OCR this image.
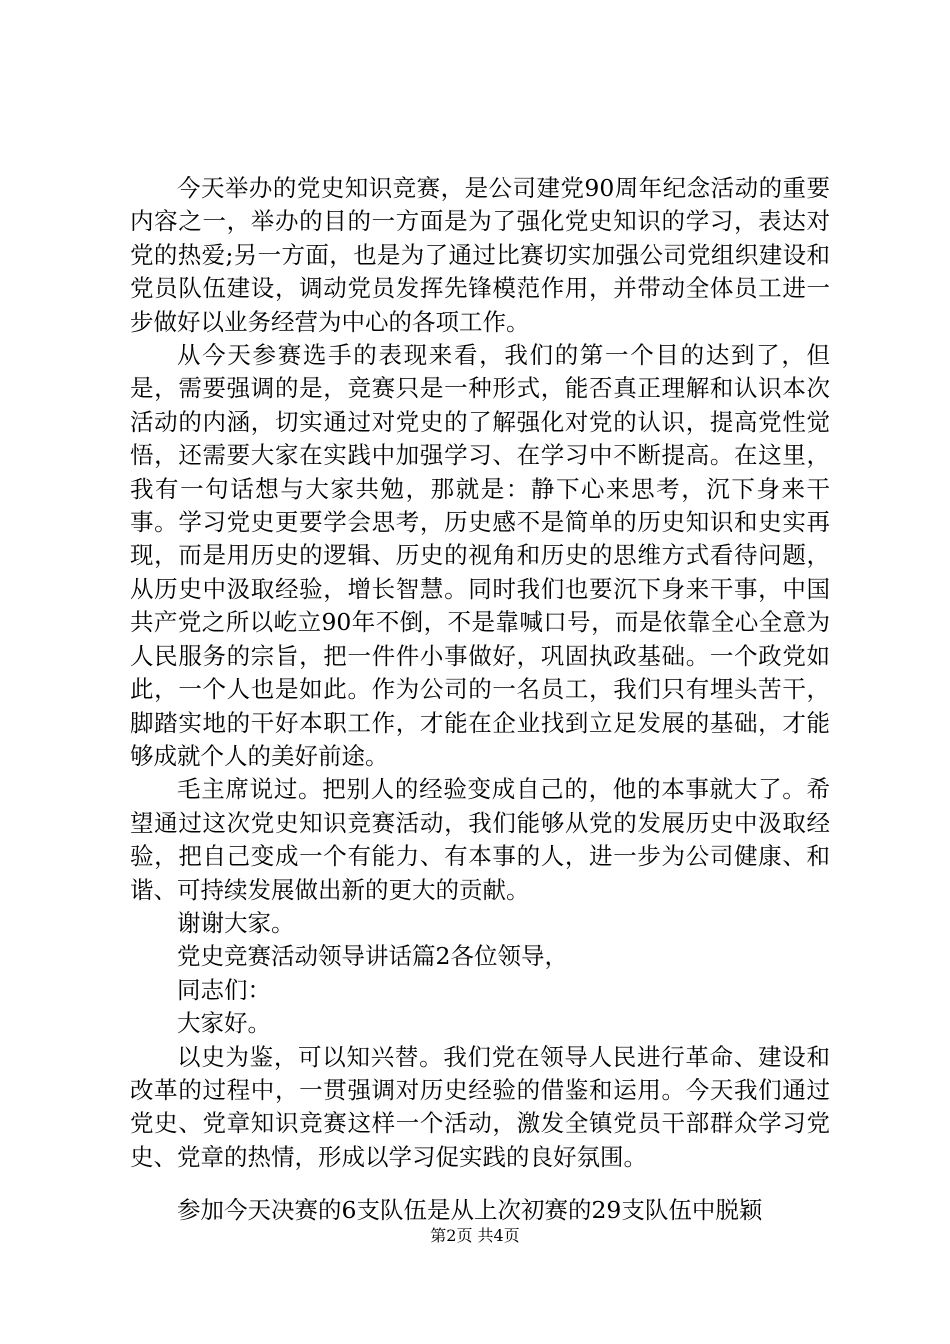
今天举办的党史知识竞赛，是公司建党90周年纪念活动的重要内容之一，举办的目的一方面是为了强化党史知识的学习，表达对党的热爱;另一方面，也是为了通过比赛切实加强公司党组织建设和党员队伍建设，调动党员发挥先锋模范作用，并带动全体员工进一步做好以业务经营为中心的各项工作。

从今天参赛选手的表现来看，我们的第一个目的达到了，但是，需要强调的是，竞赛只是一种形式，能否真正理解和认识本次活动的内涵，切实通过对党史的了解强化对党的认识，提高党性觉悟，还需要大家在实践中加强学习、在学习中不断提高。在这里，我有一句话想与大家共勉，那就是：静下心来思考，沉下身来干事。学习党史更要学会思考，历史感不是简单的历史知识和史实再现，而是用历史的逻辑、历史的视角和历史的思维方式看待问题，从历史中汲取经验，增长智慧。同时我们也要沉下身来干事，中国共产党之所以屹立90年不倒，不是靠喊口号，而是依靠全心全意为人民服务的宗旨，把一件件小事做好，巩固执政基础。一个政党如此，一个人也是如此。作为公司的一名员工，我们只有埋头苦干，脚踏实地的干好本职工作，才能在企业找到立足发展的基础，才能够成就个人的美好前途。

毛主席说过。把别人的经验变成自己的，他的本事就大了。希望通过这次党史知识竞赛活动，我们能够从党的发展历史中汲取经验，把自己变成一个有能力、有本事的人，进一步为公司健康、和谐、可持续发展做出新的更大的贡献。

谢谢大家。

党史竞赛活动领导讲话篇2各位领导，

同志们：

大家好。

以史为鉴，可以知兴替。我们党在领导人民进行革命、建设和改革的过程中，一贯强调对历史经验的借鉴和运用。今天我们通过党史、党章知识竞赛这样一个活动，激发全镇党员干部群众学习党史、党章的热情，形成以学习促实践的良好氛围。

参加今天决赛的6支队伍是从上次初赛的29支队伍中脱颖

第2页 共4页
